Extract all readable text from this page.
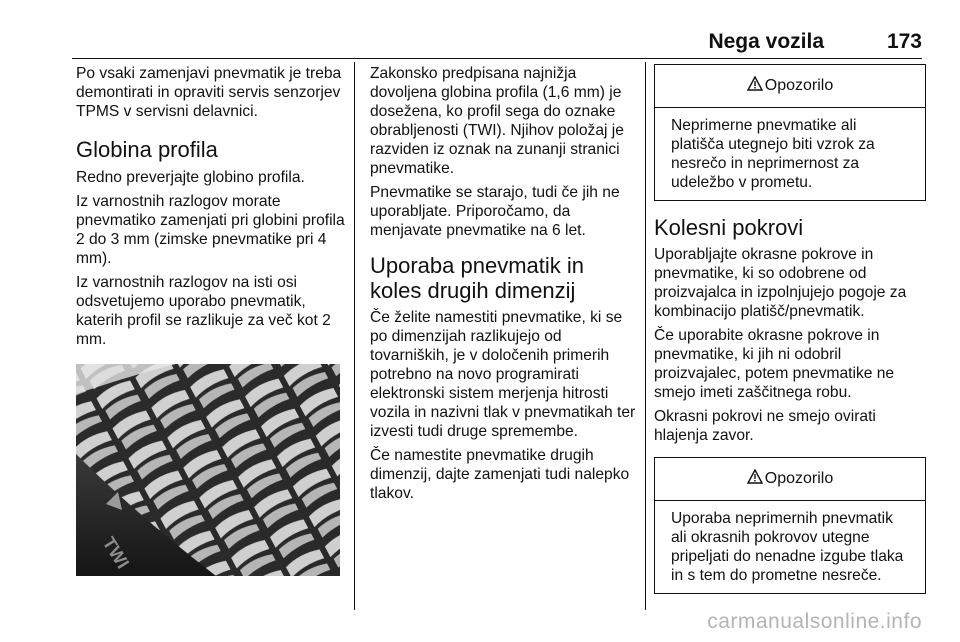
Nega vozila	173

Po vsaki zamenjavi pnevmatik je treba demontirati in opraviti servis senzorjev TPMS v servisni delavnici.

Globina profila

Redno preverjajte globino profila.

Iz varnostnih razlogov morate pnevmatiko zamenjati pri globini profila 2 do 3 mm (zimske pnevmatike pri 4 mm).

Iz varnostnih razlogov na isti osi odsvetujemo uporabo pnevmatik, katerih profil se razlikuje za več kot 2 mm.

TWI

Zakonsko predpisana najnižja dovoljena globina profila (1,6 mm) je dosežena, ko profil sega do oznake obrabljenosti (TWI). Njihov položaj je razviden iz oznak na zunanji stranici pnevmatike.

Pnevmatike se starajo, tudi če jih ne uporabljate. Priporočamo, da menjavate pnevmatike na 6 let.

Uporaba pnevmatik in koles drugih dimenzij

Če želite namestiti pnevmatike, ki se po dimenzijah razlikujejo od tovarniških, je v določenih primerih potrebno na novo programirati elektronski sistem merjenja hitrosti vozila in nazivni tlak v pnevmatikah ter izvesti tudi druge spremembe.

Če namestite pnevmatike drugih dimenzij, dajte zamenjati tudi nalepko tlakov.

Opozorilo

Neprimerne pnevmatike ali platišča utegnejo biti vzrok za nesrečo in neprimernost za udeležbo v prometu.

Kolesni pokrovi

Uporabljajte okrasne pokrove in pnevmatike, ki so odobrene od proizvajalca in izpolnjujejo pogoje za kombinacijo platišč/pnevmatik.

Če uporabite okrasne pokrove in pnevmatike, ki jih ni odobril proizvajalec, potem pnevmatike ne smejo imeti zaščitnega robu.

Okrasni pokrovi ne smejo ovirati hlajenja zavor.

Opozorilo

Uporaba neprimernih pnevmatik ali okrasnih pokrovov utegne pripeljati do nenadne izgube tlaka in s tem do prometne nesreče.

carmanualsonline.info
